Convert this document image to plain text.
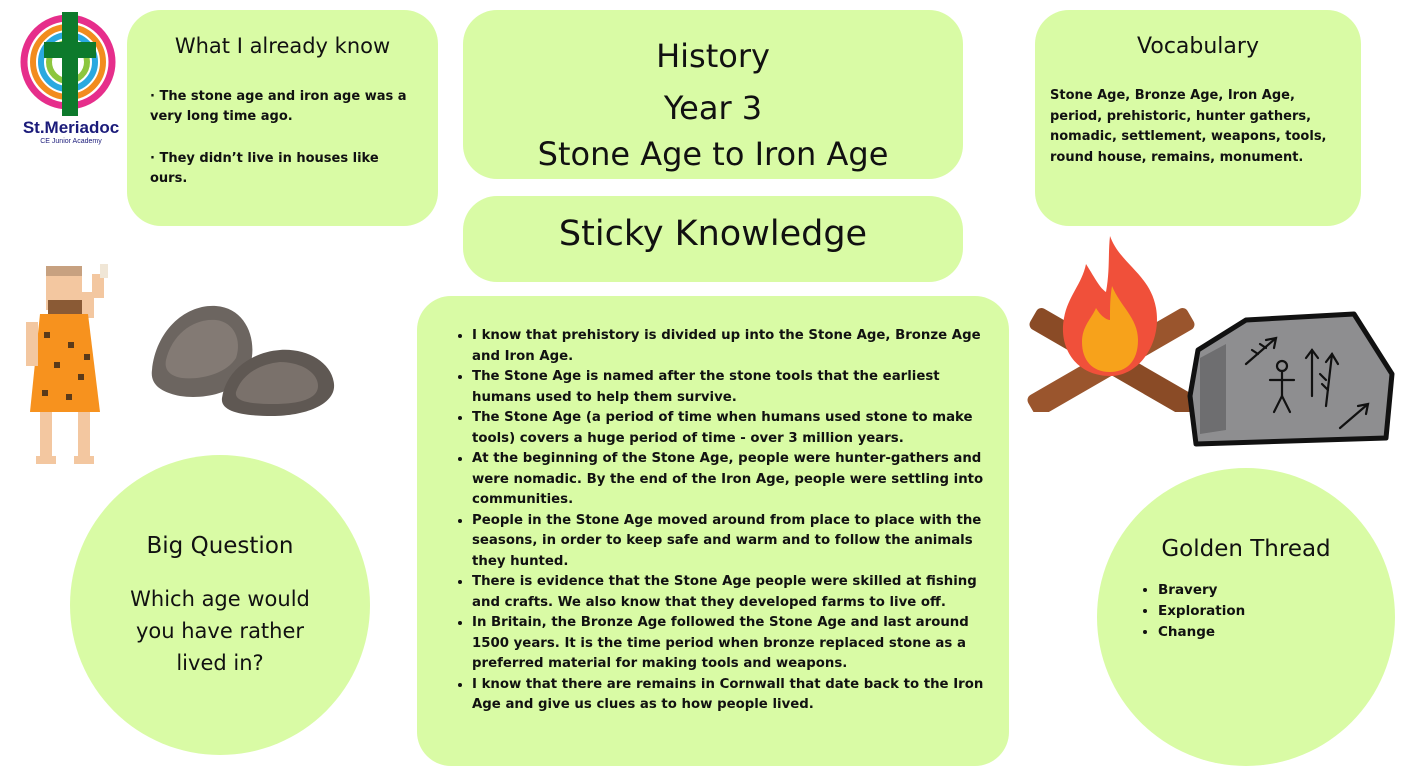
St.Meriadoc
CE Junior Academy
What I already know
· The stone age and iron age was a very long time ago.
· They didn’t live in houses like ours.
History
Year 3
Stone Age to Iron Age
Sticky Knowledge
Vocabulary

Stone Age, Bronze Age, Iron Age, period, prehistoric, hunter gathers, nomadic, settlement, weapons, tools, round house, remains, monument.

• I know that prehistory is divided up into the Stone Age, Bronze Age and Iron Age.
• The Stone Age is named after the stone tools that the earliest humans used to help them survive.
• The Stone Age (a period of time when humans used stone to make tools) covers a huge period of time - over 3 million years.
• At the beginning of the Stone Age, people were hunter-gathers and were nomadic. By the end of the Iron Age, people were settling into communities.
• People in the Stone Age moved around from place to place with the seasons, in order to keep safe and warm and to follow the animals they hunted.
• There is evidence that the Stone Age people were skilled at fishing and crafts. We also know that they developed farms to live off.
• In Britain, the Bronze Age followed the Stone Age and last around 1500 years. It is the time period when bronze replaced stone as a preferred material for making tools and weapons.
• I know that there are remains in Cornwall that date back to the Iron Age and give us clues as to how people lived.
Big Question

Which age would you have rather lived in?

Golden Thread
• Bravery
• Exploration
• Change
